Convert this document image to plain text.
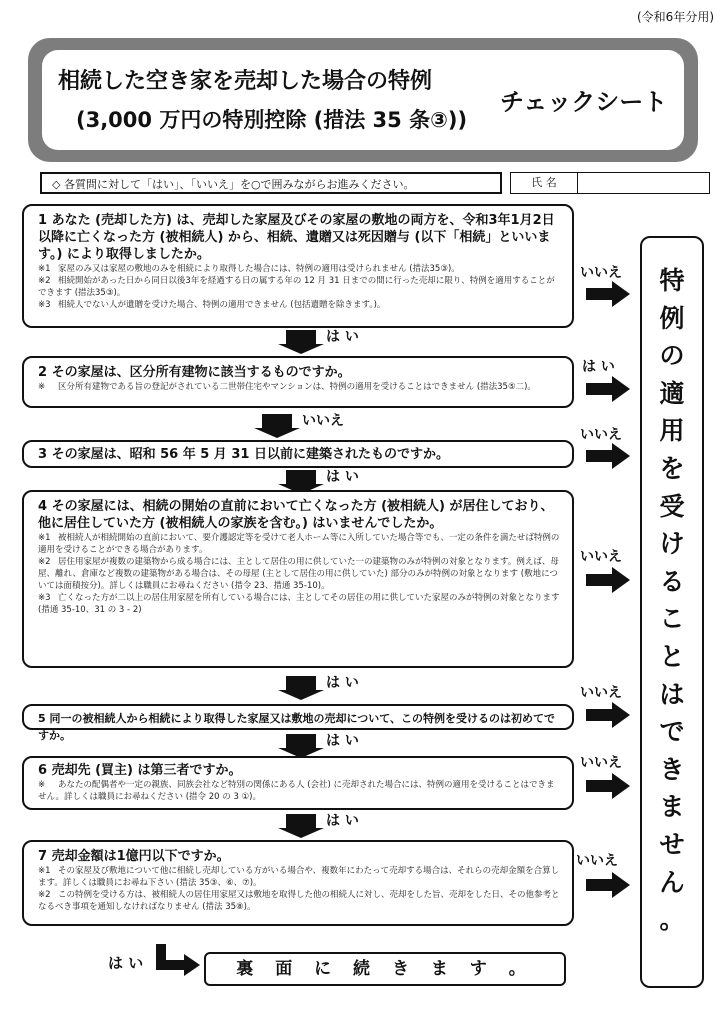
(令和6年分用)
相続した空き家を売却した場合の特例
(3,000 万円の特別控除 (措法 35 条③))
チェックシート
◇ 各質問に対して「はい」、「いいえ」を○で囲みながらお進みください。	氏 名
1 あなた (売却した方) は、売却した家屋及びその家屋の敷地の両方を、令和3年1月2日以降に亡くなった方 (被相続人) から、相続、遺贈又は死因贈与 (以下「相続」といいます。) により取得しましたか。
※1 家屋のみ又は家屋の敷地のみを相続により取得した場合には、特例の適用は受けられません (措法35③)。
※2 相続開始があった日から同日以後3年を経過する日の属する年の 12 月 31 日までの間に行った売却に限り、特例を適用することができます (措法35③)。
※3 相続人でない人が遺贈を受けた場合、特例の適用できません (包括遺贈を除きます。)。
は い
いいえ
2 その家屋は、区分所有建物に該当するものですか。
※ 区分所有建物である旨の登記がされている二世帯住宅やマンションは、特例の適用を受けることはできません (措法35⑤二)。
いいえ
は い
3 その家屋は、昭和 56 年 5 月 31 日以前に建築されたものですか。
は い
いいえ
4 その家屋には、相続の開始の直前において亡くなった方 (被相続人) が居住しており、他に居住していた方 (被相続人の家族を含む。) はいませんでしたか。
※1 被相続人が相続開始の直前において、要介護認定等を受けて老人ホーム等に入所していた場合等でも、一定の条件を満たせば特例の適用を受けることができる場合があります。
※2 居住用家屋が複数の建築物から成る場合には、主として居住の用に供していた一の建築物のみが特例の対象となります。例えば、母屋、離れ、倉庫など複数の建築物がある場合は、その母屋 (主として居住の用に供していた) 部分のみが特例の対象となります (敷地については面積按分)。詳しくは職員にお尋ねください (措令 23、措通 35-10)。
※3 亡くなった方が二以上の居住用家屋を所有している場合には、主としてその居住の用に供していた家屋のみが特例の対象となります (措通 35-10、31 の 3 - 2)
は い
いいえ
5 同一の被相続人から相続により取得した家屋又は敷地の売却について、この特例を受けるのは初めてですか。	は い
いいえ
6 売却先 (買主) は第三者ですか。
※ あなたの配偶者や一定の親族、同族会社など特別の関係にある人 (会社) に売却された場合には、特例の適用を受けることはできません。詳しくは職員にお尋ねください (措令 20 の 3 ①)。
は い
いいえ
7 売却金額は1億円以下ですか。
※1 その家屋及び敷地について他に相続し売却している方がいる場合や、複数年にわたって売却する場合は、それらの売却金額を合算します。詳しくは職員にお尋ね下さい (措法 35③、⑥、⑦)。
※2 この特例を受ける方は、被相続人の居住用家屋又は敷地を取得した他の相続人に対し、売却をした旨、売却をした日、その他参考となるべき事項を通知しなければなりません (措法 35⑧)。
いいえ
特
例
の
適
用
を
受
け
る
こ
と
は
で
き
ま
せ
ん
。
は い	裏 面 に 続 き ま す 。
